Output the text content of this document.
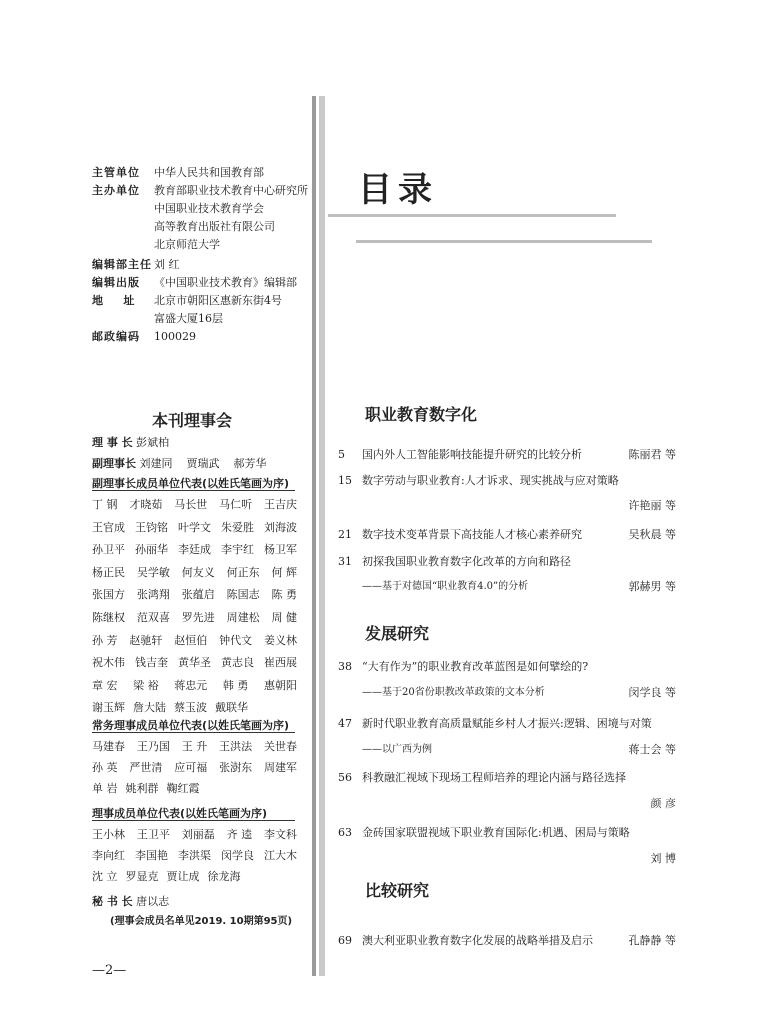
主管单位 中华人民共和国教育部
主办单位 教育部职业技术教育中心研究所
中国职业技术教育学会
高等教育出版社有限公司
北京师范大学
编辑部主任 刘 红
编辑出版 《中国职业技术教育》编辑部
地    址 北京市朝阳区惠新东街4号
富盛大厦16层
邮政编码 100029
本刊理事会
理 事 长 彭斌柏
副理事长 刘建同    贾瑞武    郝芳华
副理事长成员单位代表(以姓氏笔画为序)
丁 钢 才晓茹 马长世 马仁听 王吉庆
王官成 王钧铭 叶学文 朱爱胜 刘海波
孙卫平 孙丽华 李廷成 李宇红 杨卫军
杨正民 吴学敏 何友义 何正东 何 辉
张国方 张鸿翔 张蕴启 陈国志 陈 勇
陈继权 范双喜 罗先进 周建松 周 健
孙 芳 赵驰轩 赵恒伯 钟代文 姜义林
祝木伟 钱吉奎 黄华圣 黄志良 崔西展
章 宏 梁 裕 蒋忠元 韩 勇 惠朝阳
谢玉辉 詹大陆 蔡玉波 戴联华
常务理事成员单位代表(以姓氏笔画为序)
马建春 王乃国 王 升 王洪法 关世春
孙 英 严世清 应可福 张澍东 周建军
单 岩 姚利群 鞠红霞
理事成员单位代表(以姓氏笔画为序)
王小林 王卫平 刘丽磊 齐 逵 李文科
李向红 李国艳 李洪渠 闵学良 江大木
沈 立 罗显克 贾让成 徐龙海
秘 书 长 唐以志
(理事会成员名单见2019. 10期第95页)
—2—
目录
职业教育数字化
5	国内外人工智能影响技能提升研究的比较分析	陈丽君 等
15 数字劳动与职业教育:人才诉求、现实挑战与应对策略
许艳丽 等
21 数字技术变革背景下高技能人才核心素养研究	吴秋晨 等
31 初探我国职业教育数字化改革的方向和路径
——基于对德国“职业教育4.0”的分析	郭赫男 等
发展研究
38 “大有作为”的职业教育改革蓝图是如何擘绘的?
——基于20省份职教改革政策的文本分析	闵学良 等
47 新时代职业教育高质量赋能乡村人才振兴:逻辑、困境与对策
——以广西为例	蒋士会 等
56 科教融汇视域下现场工程师培养的理论内涵与路径选择
颜 彦
63 金砖国家联盟视域下职业教育国际化:机遇、困局与策略
刘 博
比较研究
69 澳大利亚职业教育数字化发展的战略举措及启示	孔静静 等
